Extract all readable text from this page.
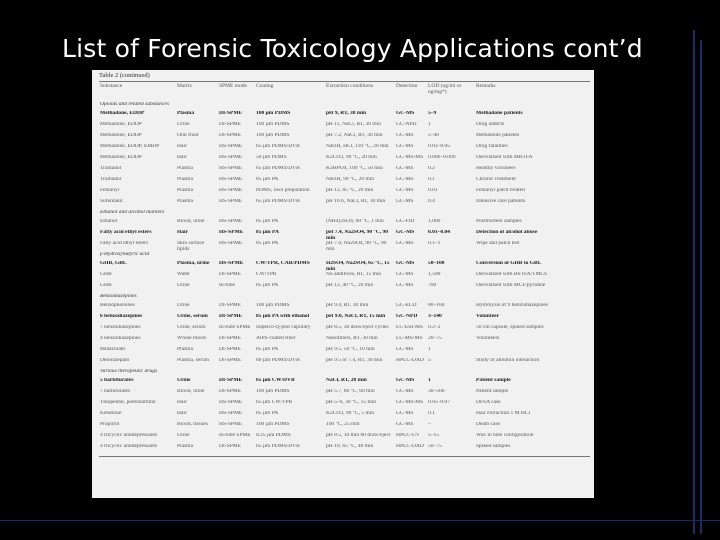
List of Forensic Toxicology Applications cont’d
Table 2 (continued)
Substance	Matrix	SPME mode	Coating	Extraction conditions	Detection	LOD (ng/ml or ng/mg*)	Remarks
Opioids and related substances							
Methadone, EDDP	Plasma	DI-SPME	100 µm PDMS	pH 9, RT, 30 min	GC-MS	5–9	Methadone patients
Methadone, EDDP	Urine	DI-SPME	100 µm PDMS	pH 11, NaCl, RT, 30 min	GC-NPD	1	Drug addicts
Methadone, EDDP	Oral fluid	DI-SPME	100 µm PDMS	pH 7.2, NaCl, RT, 30 min	GC-MS	5–40	Methadone patients
Methadone, EDDP, EMDP	Hair	HS-SPME	65 µm PDMS/DVB	NaOH, HCl, 110 °C, 20 min	GC-MS	0.03–0.05	Drug fatalities
Methadone, EDDP	Hair	HS-SPME	50 µm PDMS	K2CO3, 90 °C, 20 min	GC-MS-MS	0.006–0.009	Derivatised with MBTFA
Tramadol	Plasma	HS-SPME	65 µm PDMS/DVB	K2HPO4, 100 °C, 50 min	GC-MS	0.2	Healthy volunteer
Tramadol	Plasma	HS-SPME	85 µm PA	NaOH, 90 °C, 20 min	GC-MS	0.1	Chronic treatment
Fentanyl	Plasma	HS-SPME	PDMS, own preparation	pH 12, 85 °C, 20 min	GC-MS	0.01	Fentanyl patch treated
Sufentanil	Plasma	HS-SPME	65 µm PDMS/DVB	pH 10.6, NaCl, RT, 30 min	GC-MS	0.4	Intensive care patients
Ethanol and alcohol markers							
Ethanol	Blood, urine	HS-SPME	85 µm PA	(NH4)2SO4, 60 °C, 1 min	GC-FID	1,000	Postmortem samples
Fatty acid ethyl esters	Hair	HS-SPME	85 µm PA	pH 7.4, Na2SO4, 90 °C, 90 min	GC-MS	0.01–0.04	Detection of alcohol abuse
Fatty acid ethyl esters	Skin surface lipids	HS-SPME	85 µm PA	pH 7.4, Na2SO4, 90 °C, 90 min	GC-MS	0.1–1	Wipe and patch test
γ-Hydroxybutyric acid							
GHB, GBL	Plasma, urine	HS-SPME	CW/TPR, CAR/PDMS	H2SO4, Na2SO4, 65 °C, 15 min	GC-MS	50–100	Conversion of GHB to GBL
GHB	Water	DI-SPME	CW/TPR	No additives, RT, 15 min	GC-MS	1,500	Derivatised with BSTFA/TMCS
GHB	Urine	In-tube	85 µm PA	pH 12, 40 °C, 20 min	GC-MS	700	Derivatised with MCF/pyridine
Benzodiazepines							
Benzophenones	Urine	DI-SPME	100 µm PDMS	pH 9.4, RT, 30 min	GC-ECD	80–160	Hydrolysis of 9 benzodiazepines
6 benzodiazepines	Urine, serum	DI-SPME	85 µm PA with ethanol	pH 9.0, NaCl, RT, 15 min	GC-NPD	3–140	Volunteer
7 benzodiazepines	Urine, serum	In-tube SPME	Supelco-Q-plot capillary	pH 8.5, 30 draw/eject cycles	LC-ESI-MS	0.2–2	50 cm capsule, spiked samples
4 benzodiazepines	Whole blood	DI-SPME	AlPS-coated fiber	Nanofibers, RT, 30 min	LC-MS-MS	20–75	Volunteers
Midazolam	Plasma	DI-SPME	85 µm PA	pH 9.5, 50 °C, 10 min	GC-MS	1	
Delorazepam	Plasma, serum	DI-SPME	60 µm PDMS/DVB	pH 9.5 or 7.4, RT, 30 min	HPLC-DAD	5	Study of albumin interaction
Various therapeutic drugs							
5 barbiturates	Urine	DI-SPME	65 µm CW/DVB	NaCl, RT, 20 min	GC-MS	1	Patient sample
7 barbiturates	Blood, urine	DI-SPME	100 µm PDMS	pH 5.7, 60 °C, 60 min	GC-MS	30–500	Patient sample
Thiopental, pentobarbital	Hair	HS-SPME	65 µm CW/TPR	pH 5–6, 30 °C, 15 min	GC-MS-MS	0.05–0.07	DFSA case
Ketamine	Hair	HS-SPME	85 µm PA	K2CO3, 90 °C, 5 min	GC-MS	0.1	Hair extraction 1 M HCl
Propofol	Blood, tissues	HS-SPME	100 µm PDMS	100 °C, 25 min	GC-MS	–	Death case
4 tricyclic antidepressants	Urine	In-tube SPME	0.25 µm PDMS	pH 8.5, 10 min 80 draw/eject	HPLC-UV	5–15	Wax in tube configuration
4 tricyclic antidepressants	Plasma	DI-SPME	65 µm PDMS/DVB	pH 10, 65 °C, 40 min	HPLC-DAD	50–75	Spiked samples
